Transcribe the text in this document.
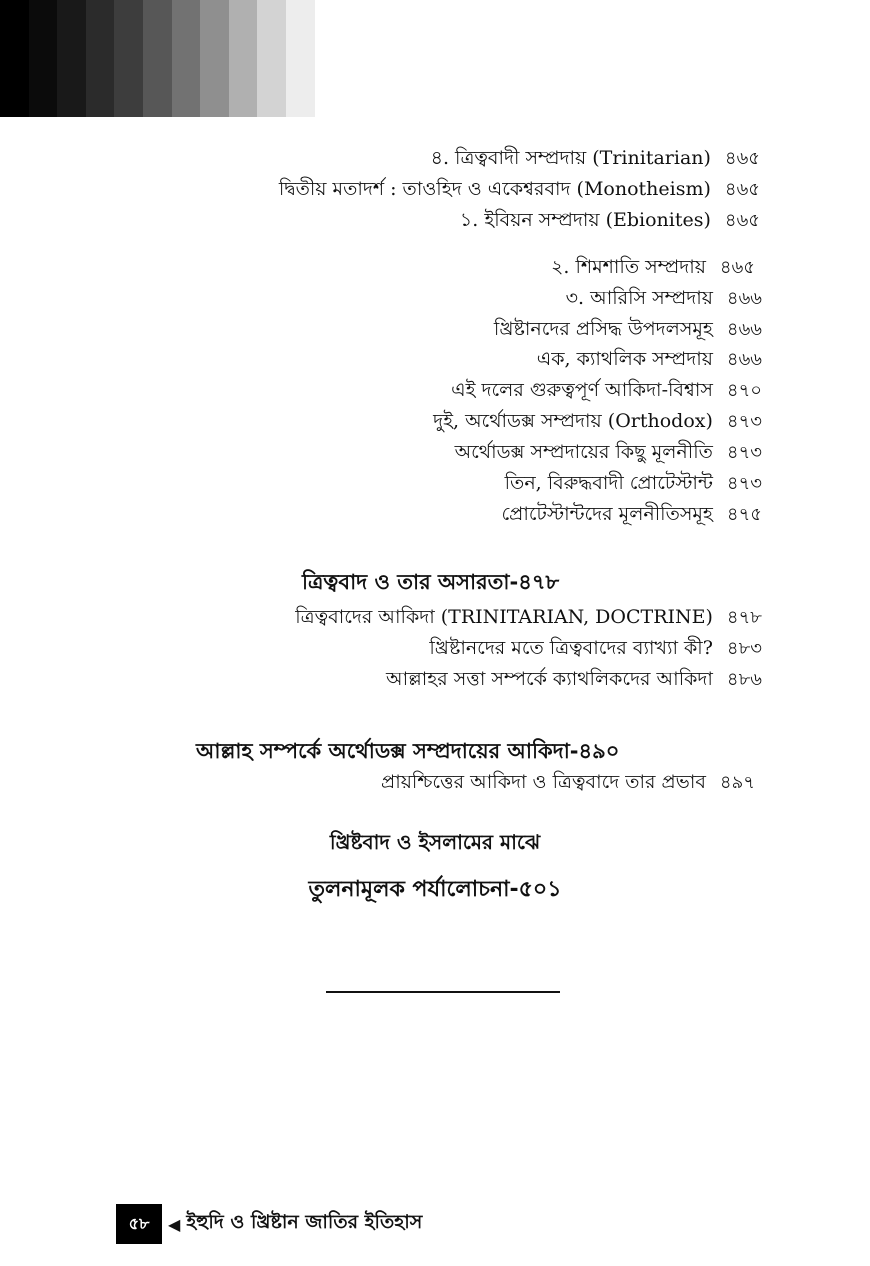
৪. ত্রিত্ববাদী সম্প্রদায় (Trinitarian) ৪৬৫
দ্বিতীয় মতাদর্শ : তাওহিদ ও একেশ্বরবাদ (Monotheism) ৪৬৫
১. ইবিয়ন সম্প্রদায় (Ebionites) ৪৬৫
২. শিমশাতি সম্প্রদায় ৪৬৫
৩. আরিসি সম্প্রদায় ৪৬৬
খ্রিষ্টানদের প্রসিদ্ধ উপদলসমূহ ৪৬৬
এক, ক্যাথলিক সম্প্রদায় ৪৬৬
এই দলের গুরুত্বপূর্ণ আকিদা-বিশ্বাস ৪৭০
দুই, অর্থোডক্স সম্প্রদায় (Orthodox) ৪৭৩
অর্থোডক্স সম্প্রদায়ের কিছু মূলনীতি ৪৭৩
তিন, বিরুদ্ধবাদী প্রোটেস্টান্ট ৪৭৩
প্রোটেস্টান্টদের মূলনীতিসমূহ ৪৭৫
ত্রিত্ববাদ ও তার অসারতা-৪৭৮
ত্রিত্ববাদের আকিদা (TRINITARIAN, DOCTRINE) ৪৭৮
খ্রিষ্টানদের মতে ত্রিত্ববাদের ব্যাখ্যা কী? ৪৮৩
আল্লাহর সত্তা সম্পর্কে ক্যাথলিকদের আকিদা ৪৮৬
আল্লাহ সম্পর্কে অর্থোডক্স সম্প্রদায়ের আকিদা-৪৯০
প্রায়শ্চিত্তের আকিদা ও ত্রিত্ববাদে তার প্রভাব ৪৯৭
খ্রিষ্টবাদ ও ইসলামের মাঝে
তুলনামূলক পর্যালোচনা-৫০১
৫৮	◀ ইহুদি ও খ্রিষ্টান জাতির ইতিহাস
